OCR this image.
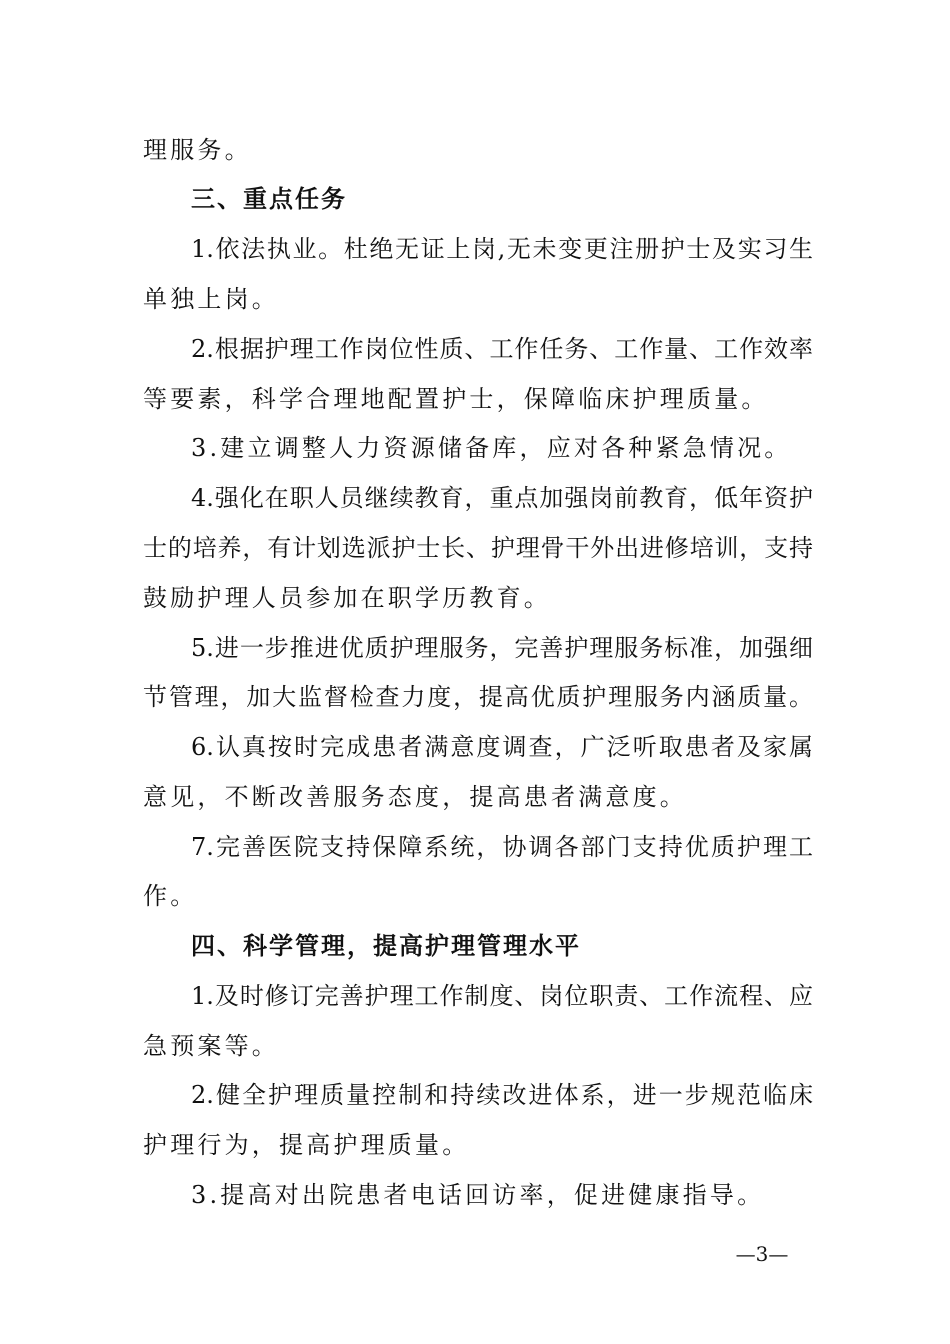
理服务。
三、重点任务
1.依法执业。杜绝无证上岗,无未变更注册护士及实习生
单独上岗。
2.根据护理工作岗位性质、工作任务、工作量、工作效率
等要素，科学合理地配置护士，保障临床护理质量。
3.建立调整人力资源储备库，应对各种紧急情况。
4.强化在职人员继续教育，重点加强岗前教育，低年资护
士的培养，有计划选派护士长、护理骨干外出进修培训，支持
鼓励护理人员参加在职学历教育。
5.进一步推进优质护理服务，完善护理服务标准，加强细
节管理，加大监督检查力度，提高优质护理服务内涵质量。
6.认真按时完成患者满意度调查，广泛听取患者及家属
意见，不断改善服务态度，提高患者满意度。
7.完善医院支持保障系统，协调各部门支持优质护理工
作。
四、科学管理，提高护理管理水平
1.及时修订完善护理工作制度、岗位职责、工作流程、应
急预案等。
2.健全护理质量控制和持续改进体系，进一步规范临床
护理行为，提高护理质量。
3.提高对出院患者电话回访率，促进健康指导。
—3—
